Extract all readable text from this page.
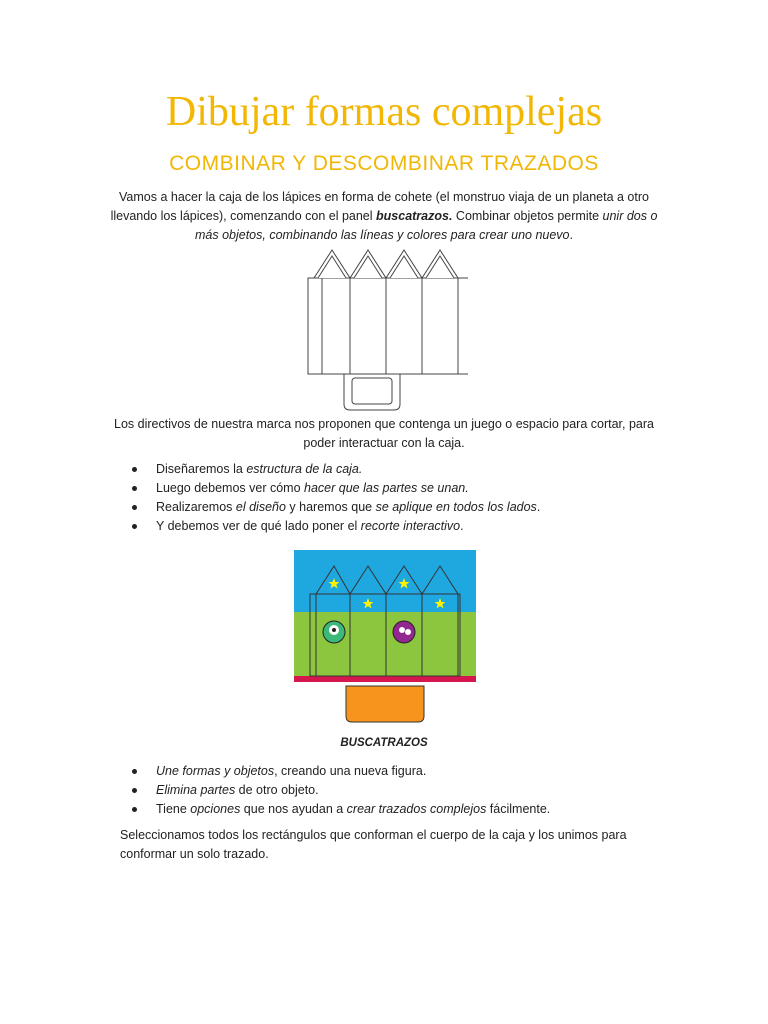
Dibujar formas complejas
COMBINAR Y DESCOMBINAR TRAZADOS

Vamos a hacer la caja de los lápices en forma de cohete (el monstruo viaja de un planeta a otro llevando los lápices), comenzando con el panel buscatrazos. Combinar objetos permite unir dos o más objetos, combinando las líneas y colores para crear uno nuevo.

Los directivos de nuestra marca nos proponen que contenga un juego o espacio para cortar, para poder interactuar con la caja.

Diseñaremos la estructura de la caja.
Luego debemos ver cómo hacer que las partes se unan.
Realizaremos el diseño y haremos que se aplique en todos los lados.
Y debemos ver de qué lado poner el recorte interactivo.

BUSCATRAZOS

Une formas y objetos, creando una nueva figura.
Elimina partes de otro objeto.
Tiene opciones que nos ayudan a crear trazados complejos fácilmente.

Seleccionamos todos los rectángulos que conforman el cuerpo de la caja y los unimos para conformar un solo trazado.
